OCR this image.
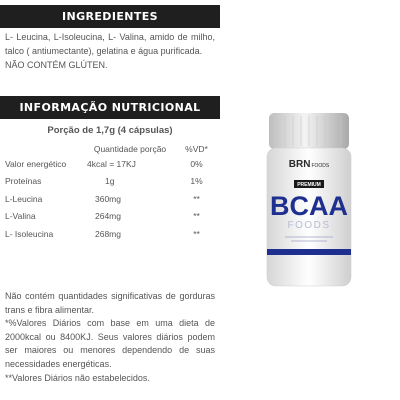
INGREDIENTES

L- Leucina, L-Isoleucina, L- Valina, amido de milho, talco ( antiumectante), gelatina e água purificada.

NÃO CONTÉM GLÚTEN.

INFORMAÇÃO NUTRICIONAL
Porção de 1,7g (4 cápsulas)
	Quantidade porção	%VD*
Valor energético	4kcal = 17KJ	0%
Proteínas	1g	1%
L-Leucina	360mg	**
L-Valina	264mg	**
L- Isoleucina	268mg	**

Não contém quantidades significativas de gorduras trans e fibra alimentar.

*%Valores Diários com base em uma dieta de 2000kcal ou 8400KJ. Seus valores diários podem ser maiores ou menores dependendo de suas necessidades energéticas.

**Valores Diários não estabelecidos.

BRNFOODS
PREMIUM
BCAA
FOODS
